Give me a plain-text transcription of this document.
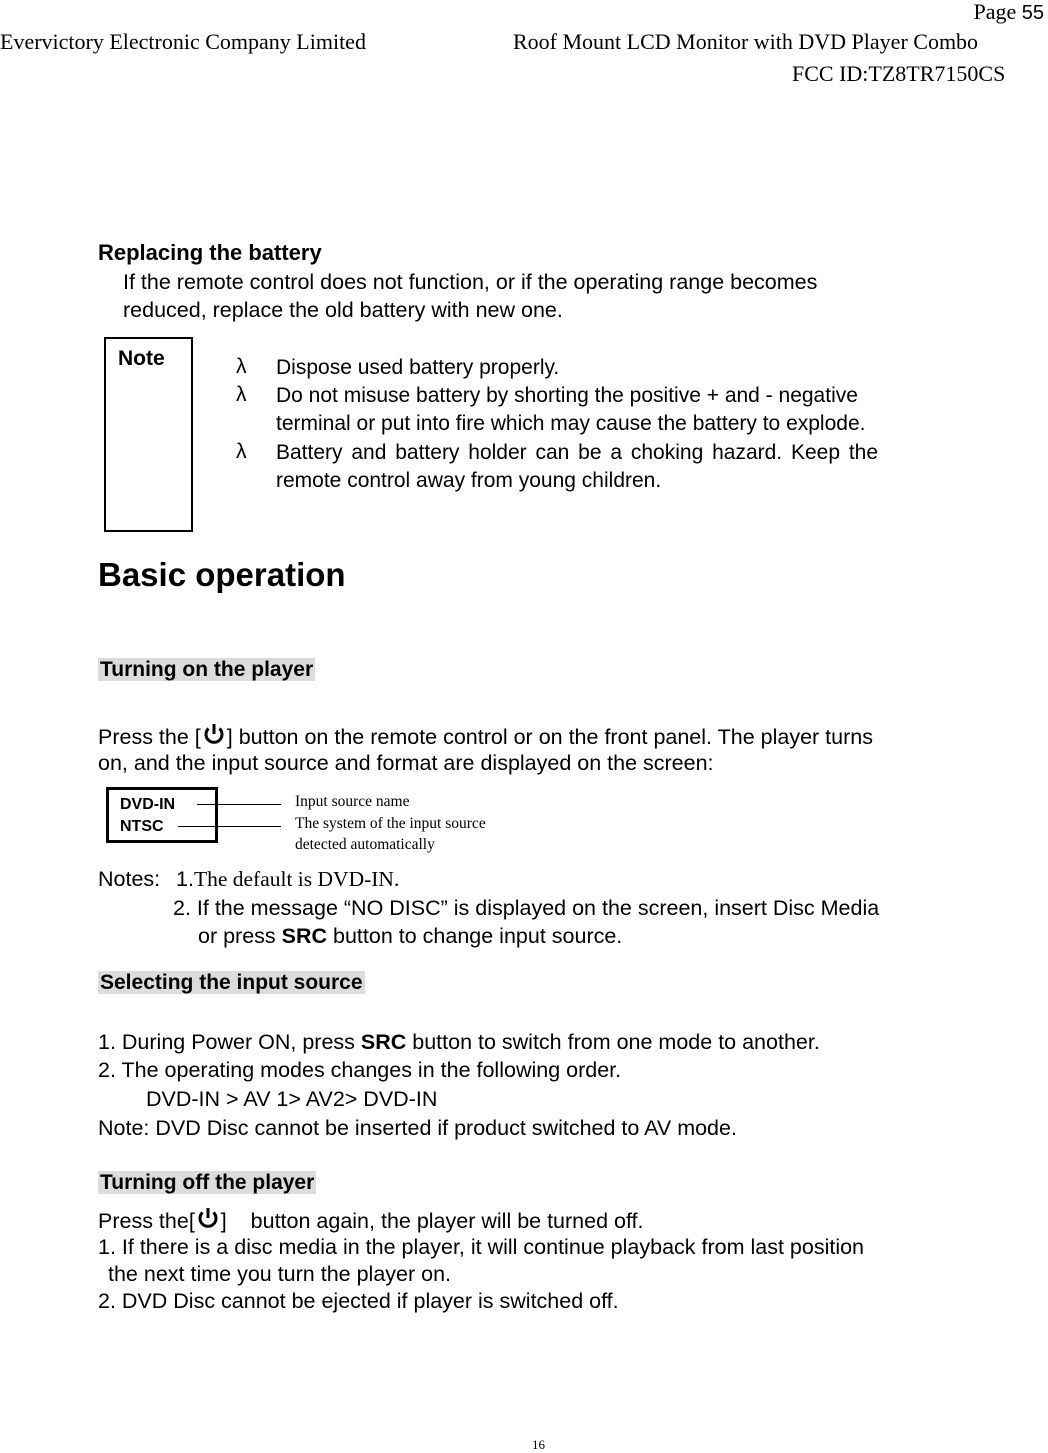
Page 55
Evervictory Electronic Company Limited	Roof Mount LCD Monitor with DVD Player Combo
FCC ID:TZ8TR7150CS
Replacing the battery
If the remote control does not function, or if the operating range becomes
reduced, replace the old battery with new one.
Note	λ Dispose used battery properly.
λ Do not misuse battery by shorting the positive + and - negative
terminal or put into fire which may cause the battery to explode.
λ Battery and battery holder can be a choking hazard. Keep the
remote control away from young children.
Basic operation
Turning on the player
Press the [ ] button on the remote control or on the front panel. The player turns
on, and the input source and format are displayed on the screen:
DVD-IN
NTSC
Input source name
The system of the input source
detected automatically
Notes: 1.The default is DVD-IN.
2. If the message “NO DISC” is displayed on the screen, insert Disc Media
or press SRC button to change input source.
Selecting the input source
1. During Power ON, press SRC button to switch from one mode to another.
2. The operating modes changes in the following order.
DVD-IN > AV 1> AV2> DVD-IN
Note: DVD Disc cannot be inserted if product switched to AV mode.
Turning off the player
Press the[ ]    button again, the player will be turned off.
1. If there is a disc media in the player, it will continue playback from last position
the next time you turn the player on.
2. DVD Disc cannot be ejected if player is switched off.
16
